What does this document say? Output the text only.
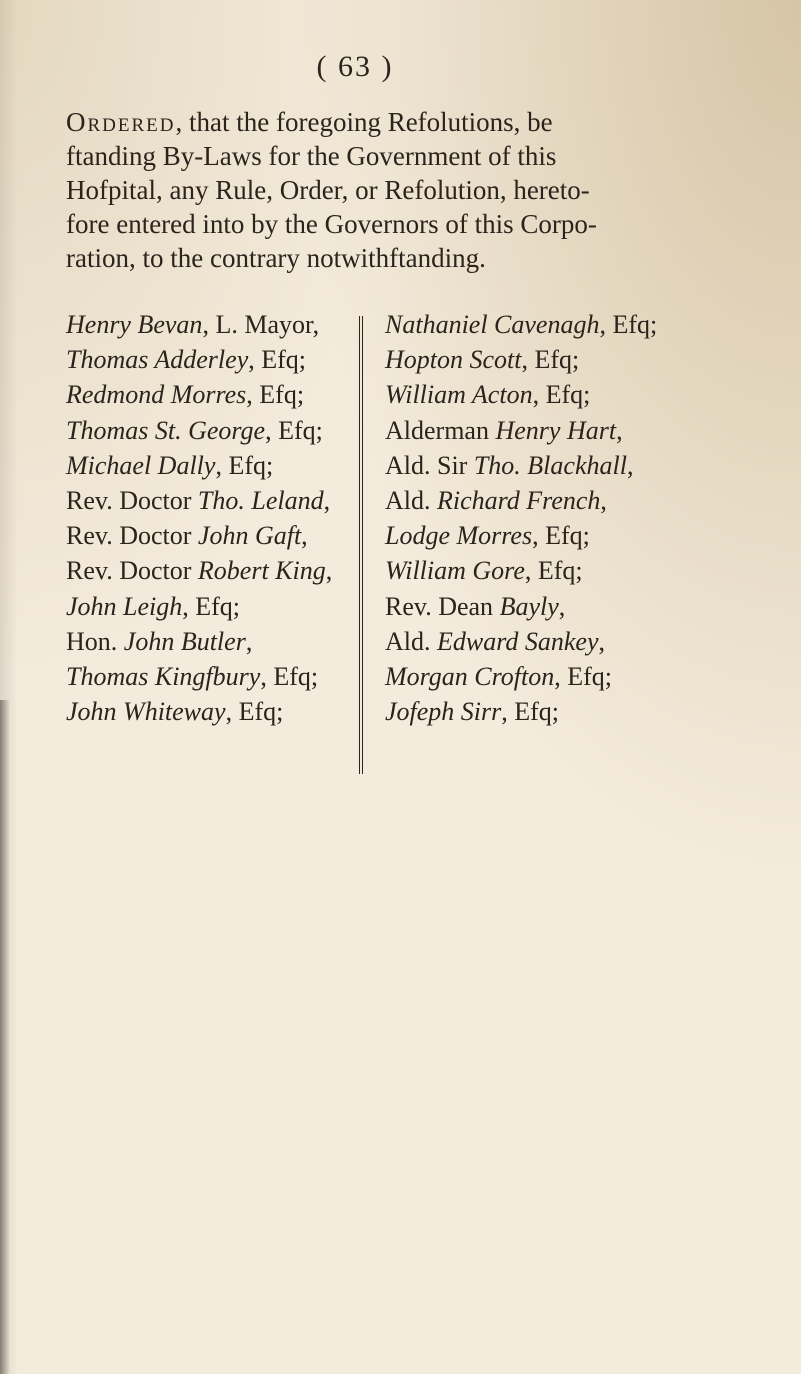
( 63 )
Ordered, that the foregoing Refolutions, be
ftanding By-Laws for the Government of this
Hofpital, any Rule, Order, or Refolution, hereto-
fore entered into by the Governors of this Corpo-
ration, to the contrary notwithftanding.
Henry Bevan, L. Mayor,
Thomas Adderley, Efq;
Redmond Morres, Efq;
Thomas St. George, Efq;
Michael Dally, Efq;
Rev. Doctor Tho. Leland,
Rev. Doctor John Gaft,
Rev. Doctor Robert King,
John Leigh, Efq;
Hon. John Butler,
Thomas Kingfbury, Efq;
John Whiteway, Efq;
Nathaniel Cavenagh, Efq;
Hopton Scott, Efq;
William Acton, Efq;
Alderman Henry Hart,
Ald. Sir Tho. Blackhall,
Ald. Richard French,
Lodge Morres, Efq;
William Gore, Efq;
Rev. Dean Bayly,
Ald. Edward Sankey,
Morgan Crofton, Efq;
Jofeph Sirr, Efq;
